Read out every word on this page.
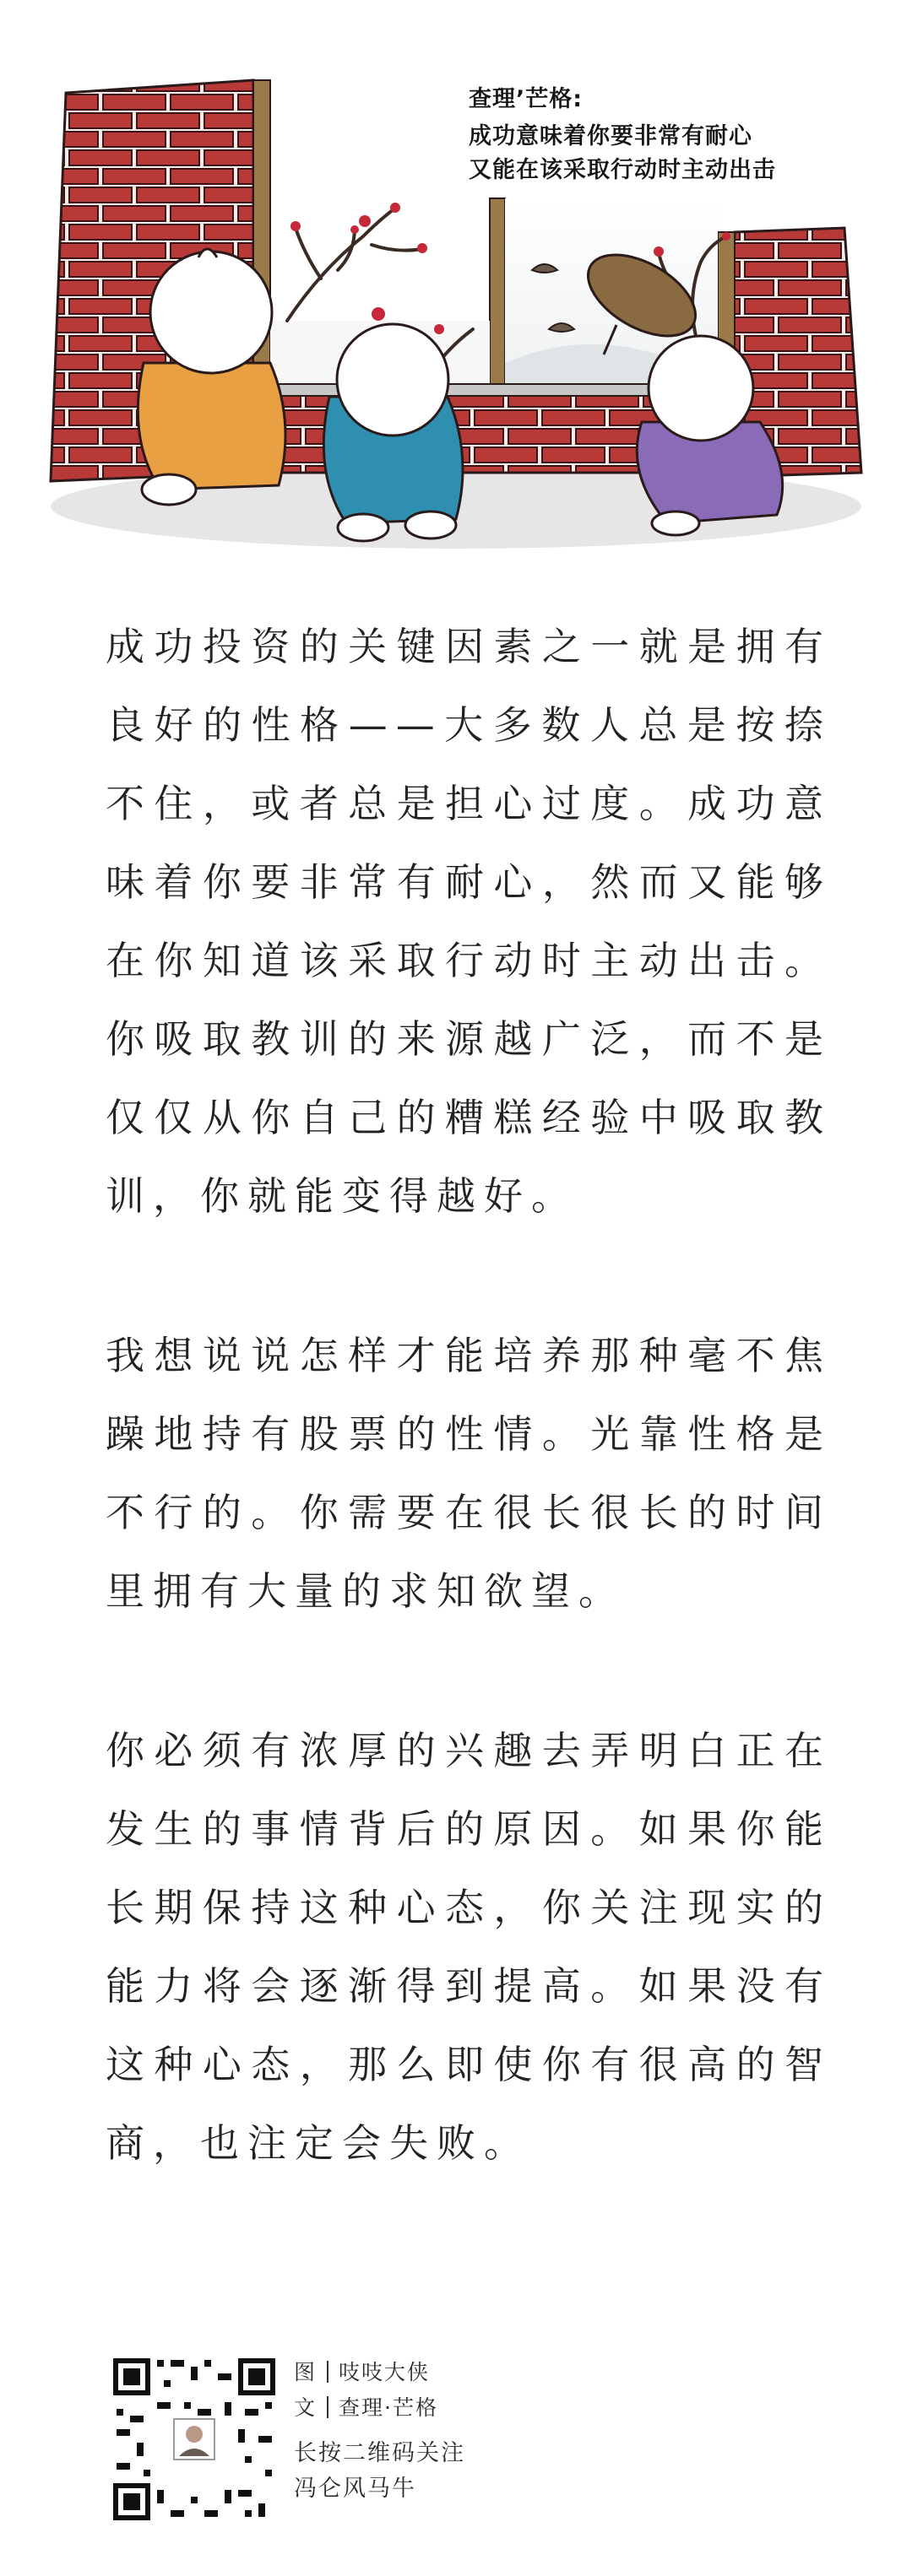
查理’芒格:
成功意味着你要非常有耐心
又能在该采取行动时主动出击

成功投资的关键因素之一就是拥有良好的性格——大多数人总是按捺不住，或者总是担心过度。成功意味着你要非常有耐心，然而又能够在你知道该采取行动时主动出击。你吸取教训的来源越广泛，而不是仅仅从你自己的糟糕经验中吸取教训，你就能变得越好。

我想说说怎样才能培养那种毫不焦躁地持有股票的性情。光靠性格是不行的。你需要在很长很长的时间里拥有大量的求知欲望。

你必须有浓厚的兴趣去弄明白正在发生的事情背后的原因。如果你能长期保持这种心态，你关注现实的能力将会逐渐得到提高。如果没有这种心态，那么即使你有很高的智商，也注定会失败。

图 吱吱大侠
文 查理·芒格
长按二维码关注
冯仑风马牛
